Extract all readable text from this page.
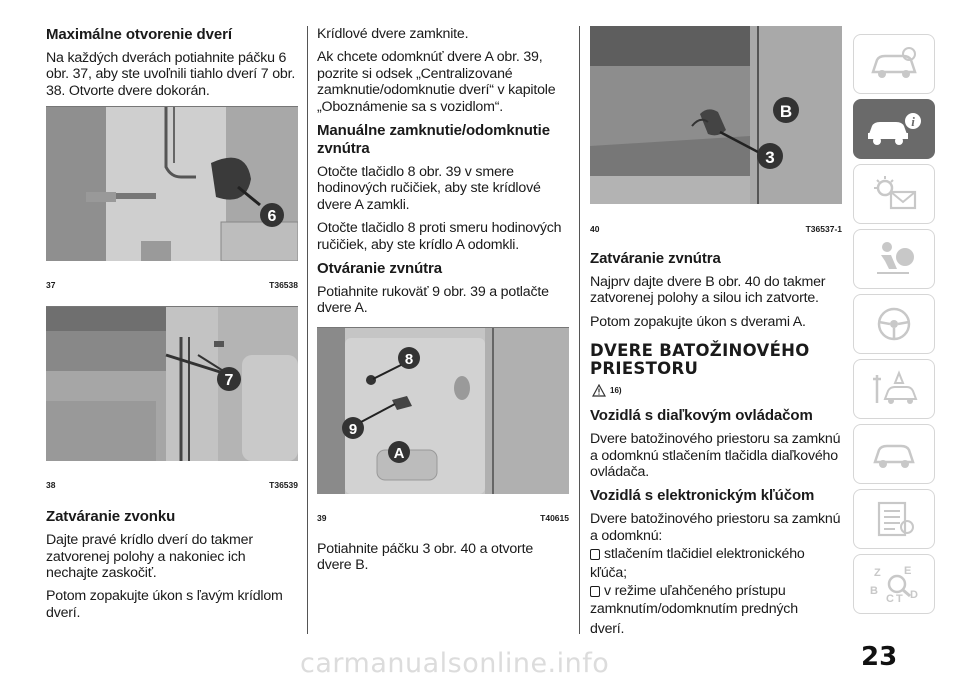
Maximálne otvorenie dverí

Na každých dverách potiahnite páčku 6 obr. 37, aby ste uvoľnili tiahlo dverí 7 obr. 38. Otvorte dvere dokorán.

6
37	T36538
7
38	T36539
Zatváranie zvonku

Dajte pravé krídlo dverí do takmer zatvorenej polohy a nakoniec ich nechajte zaskočiť.

Potom zopakujte úkon s ľavým krídlom dverí.

Krídlové dvere zamknite.

Ak chcete odomknúť dvere A obr. 39, pozrite si odsek „Centralizované zamknutie/odomknutie dverí“ v kapitole „Oboznámenie sa s vozidlom“.

Manuálne zamknutie/odomknutie zvnútra

Otočte tlačidlo 8 obr. 39 v smere hodinových ručičiek, aby ste krídlové dvere A zamkli.

Otočte tlačidlo 8 proti smeru hodinových ručičiek, aby ste krídlo A odomkli.

Otváranie zvnútra

Potiahnite rukoväť 9 obr. 39 a potlačte dvere A.

8
9
A
39	T40615

Potiahnite páčku 3 obr. 40 a otvorte dvere B.

B
3
40	T36537-1
Zatváranie zvnútra

Najprv dajte dvere B obr. 40 do takmer zatvorenej polohy a silou ich zatvorte.

Potom zopakujte úkon s dverami A.

DVERE BATOŽINOVÉHO PRIESTORU
16)
Vozidlá s diaľkovým ovládačom

Dvere batožinového priestoru sa zamknú a odomknú stlačením tlačidla diaľkového ovládača.

Vozidlá s elektronickým kľúčom

Dvere batožinového priestoru sa zamknú a odomknú:

stlačením tlačidiel elektronického
kľúča;
v režime uľahčeného prístupu
zamknutím/odomknutím predných
dverí.
i
Z E
B
C T D
carmanualsonline.info	23
